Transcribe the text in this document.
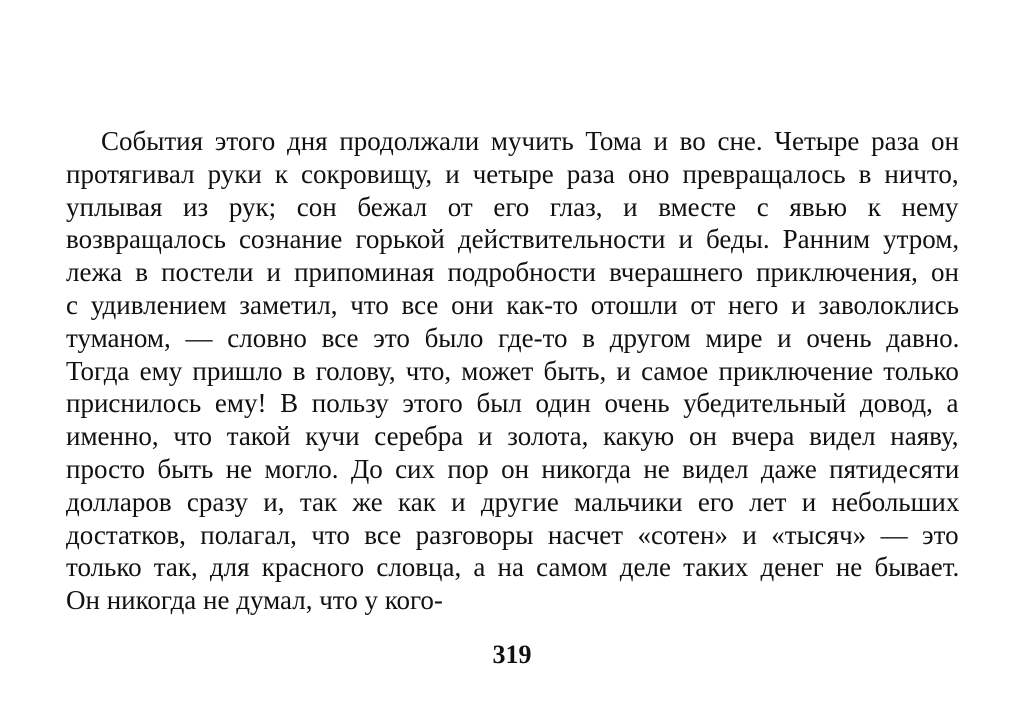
События этого дня продолжали мучить Тома и во сне. Четыре раза он
протягивал руки к сокровищу, и четыре раза оно превращалось в ничто,
уплывая из рук; сон бежал от его глаз, и вместе с явью к нему
возвращалось сознание горькой действительности и беды. Ранним утром,
лежа в постели и припоминая подробности вчерашнего приключения, он
с удивлением заметил, что все они как-то отошли от него и заволоклись
туманом, — словно все это было где-то в другом мире и очень давно.
Тогда ему пришло в голову, что, может быть, и самое приключение только
приснилось ему! В пользу этого был один очень убедительный довод, а
именно, что такой кучи серебра и золота, какую он вчера видел наяву,
просто быть не могло. До сих пор он никогда не видел даже пятидесяти
долларов сразу и, так же как и другие мальчики его лет и небольших
достатков, полагал, что все разговоры насчет «сотен» и «тысяч» — это
только так, для красного словца, а на самом деле таких денег не бывает.
Он никогда не думал, что у кого-
319
